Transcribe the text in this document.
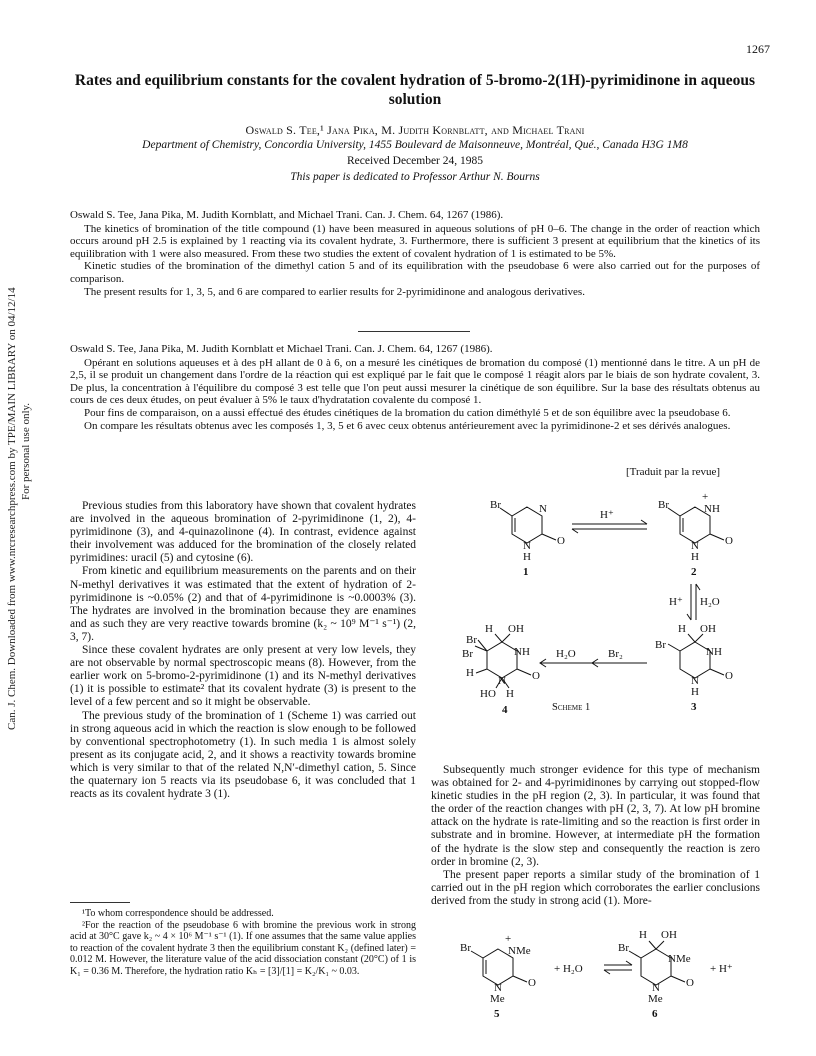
Can. J. Chem. Downloaded from www.nrcresearchpress.com by TPE/MAIN LIBRARY on 04/12/14 For personal use only.
1267
Rates and equilibrium constants for the covalent hydration of 5-bromo-2(1H)-pyrimidinone in aqueous solution
Oswald S. Tee,¹ Jana Pika, M. Judith Kornblatt, and Michael Trani
Department of Chemistry, Concordia University, 1455 Boulevard de Maisonneuve, Montréal, Qué., Canada H3G 1M8
Received December 24, 1985
This paper is dedicated to Professor Arthur N. Bourns

Oswald S. Tee, Jana Pika, M. Judith Kornblatt, and Michael Trani. Can. J. Chem. 64, 1267 (1986).

The kinetics of bromination of the title compound (1) have been measured in aqueous solutions of pH 0–6. The change in the order of reaction which occurs around pH 2.5 is explained by 1 reacting via its covalent hydrate, 3. Furthermore, there is sufficient 3 present at equilibrium that the kinetics of its equilibration with 1 were also measured. From these two studies the extent of covalent hydration of 1 is estimated to be 5%.

Kinetic studies of the bromination of the dimethyl cation 5 and of its equilibration with the pseudobase 6 were also carried out for the purposes of comparison.

The present results for 1, 3, 5, and 6 are compared to earlier results for 2-pyrimidinone and analogous derivatives.

Oswald S. Tee, Jana Pika, M. Judith Kornblatt et Michael Trani. Can. J. Chem. 64, 1267 (1986).

Opérant en solutions aqueuses et à des pH allant de 0 à 6, on a mesuré les cinétiques de bromation du composé (1) mentionné dans le titre. A un pH de 2,5, il se produit un changement dans l'ordre de la réaction qui est expliqué par le fait que le composé 1 réagit alors par le biais de son hydrate covalent, 3. De plus, la concentration à l'équilibre du composé 3 est telle que l'on peut aussi mesurer la cinétique de son équilibre. Sur la base des résultats obtenus au cours de ces deux études, on peut évaluer à 5% le taux d'hydratation covalente du composé 1.

Pour fins de comparaison, on a aussi effectué des études cinétiques de la bromation du cation diméthylé 5 et de son équilibre avec la pseudobase 6.

On compare les résultats obtenus avec les composés 1, 3, 5 et 6 avec ceux obtenus antérieurement avec la pyrimidinone-2 et ses dérivés analogues.

[Traduit par la revue]

Previous studies from this laboratory have shown that covalent hydrates are involved in the aqueous bromination of 2-pyrimidinone (1, 2), 4-pyrimidinone (3), and 4-quinazolinone (4). In contrast, evidence against their involvement was adduced for the bromination of the closely related pyrimidines: uracil (5) and cytosine (6).

From kinetic and equilibrium measurements on the parents and on their N-methyl derivatives it was estimated that the extent of hydration of 2-pyrimidinone is ~0.05% (2) and that of 4-pyrimidinone is ~0.0003% (3). The hydrates are involved in the bromination because they are enamines and as such they are very reactive towards bromine (k₂ ~ 10⁹ M⁻¹ s⁻¹) (2, 3, 7).

Since these covalent hydrates are only present at very low levels, they are not observable by normal spectroscopic means (8). However, from the earlier work on 5-bromo-2-pyrimidinone (1) and its N-methyl derivatives (1) it is possible to estimate² that its covalent hydrate (3) is present to the level of a few percent and so it might be observable.

The previous study of the bromination of 1 (Scheme 1) was carried out in strong aqueous acid in which the reaction is slow enough to be followed by conventional spectrophotometry (1). In such media 1 is almost solely present as its conjugate acid, 2, and it shows a reactivity towards bromine which is very similar to that of the related N,N′-dimethyl cation, 5. Since the quaternary ion 5 reacts via its pseudobase 6, it was concluded that 1 reacts as its covalent hydrate 3 (1).

¹To whom correspondence should be addressed.

²For the reaction of the pseudobase 6 with bromine the previous work in strong acid at 30°C gave k₂ ~ 4 × 10⁶ M⁻¹ s⁻¹ (1). If one assumes that the same value applies to reaction of the covalent hydrate 3 then the equilibrium constant K₂ (defined later) = 0.012 M. However, the literature value of the acid dissociation constant (20°C) of 1 is K₁ = 0.36 M. Therefore, the hydration ratio Kₕ = [3]/[1] = K₂/K₁ ~ 0.03.

Br	N
N O
H
1
H⁺
Br
+
NH
N O
H
2
H⁺ H₂O
H OH
Br
NH
N O
H
3
Br₂
H₂O
H OH
Br
Br	NH
H
N O
HO H
4	Scheme 1

Subsequently much stronger evidence for this type of mechanism was obtained for 2- and 4-pyrimidinones by carrying out stopped-flow kinetic studies in the pH region (2, 3). In particular, it was found that the order of the reaction changes with pH (2, 3, 7). At low pH bromine attack on the hydrate is rate-limiting and so the reaction is first order in substrate and in bromine. However, at intermediate pH the formation of the hydrate is the slow step and consequently the reaction is zero order in bromine (2, 3).

The present paper reports a similar study of the bromination of 1 carried out in the pH region which corroborates the earlier conclusions derived from the study in strong acid (1). More-

Br
+
NMe
N O
Me
5
+ H₂O
H OH
Br
NMe
N O
Me
6
+ H⁺
